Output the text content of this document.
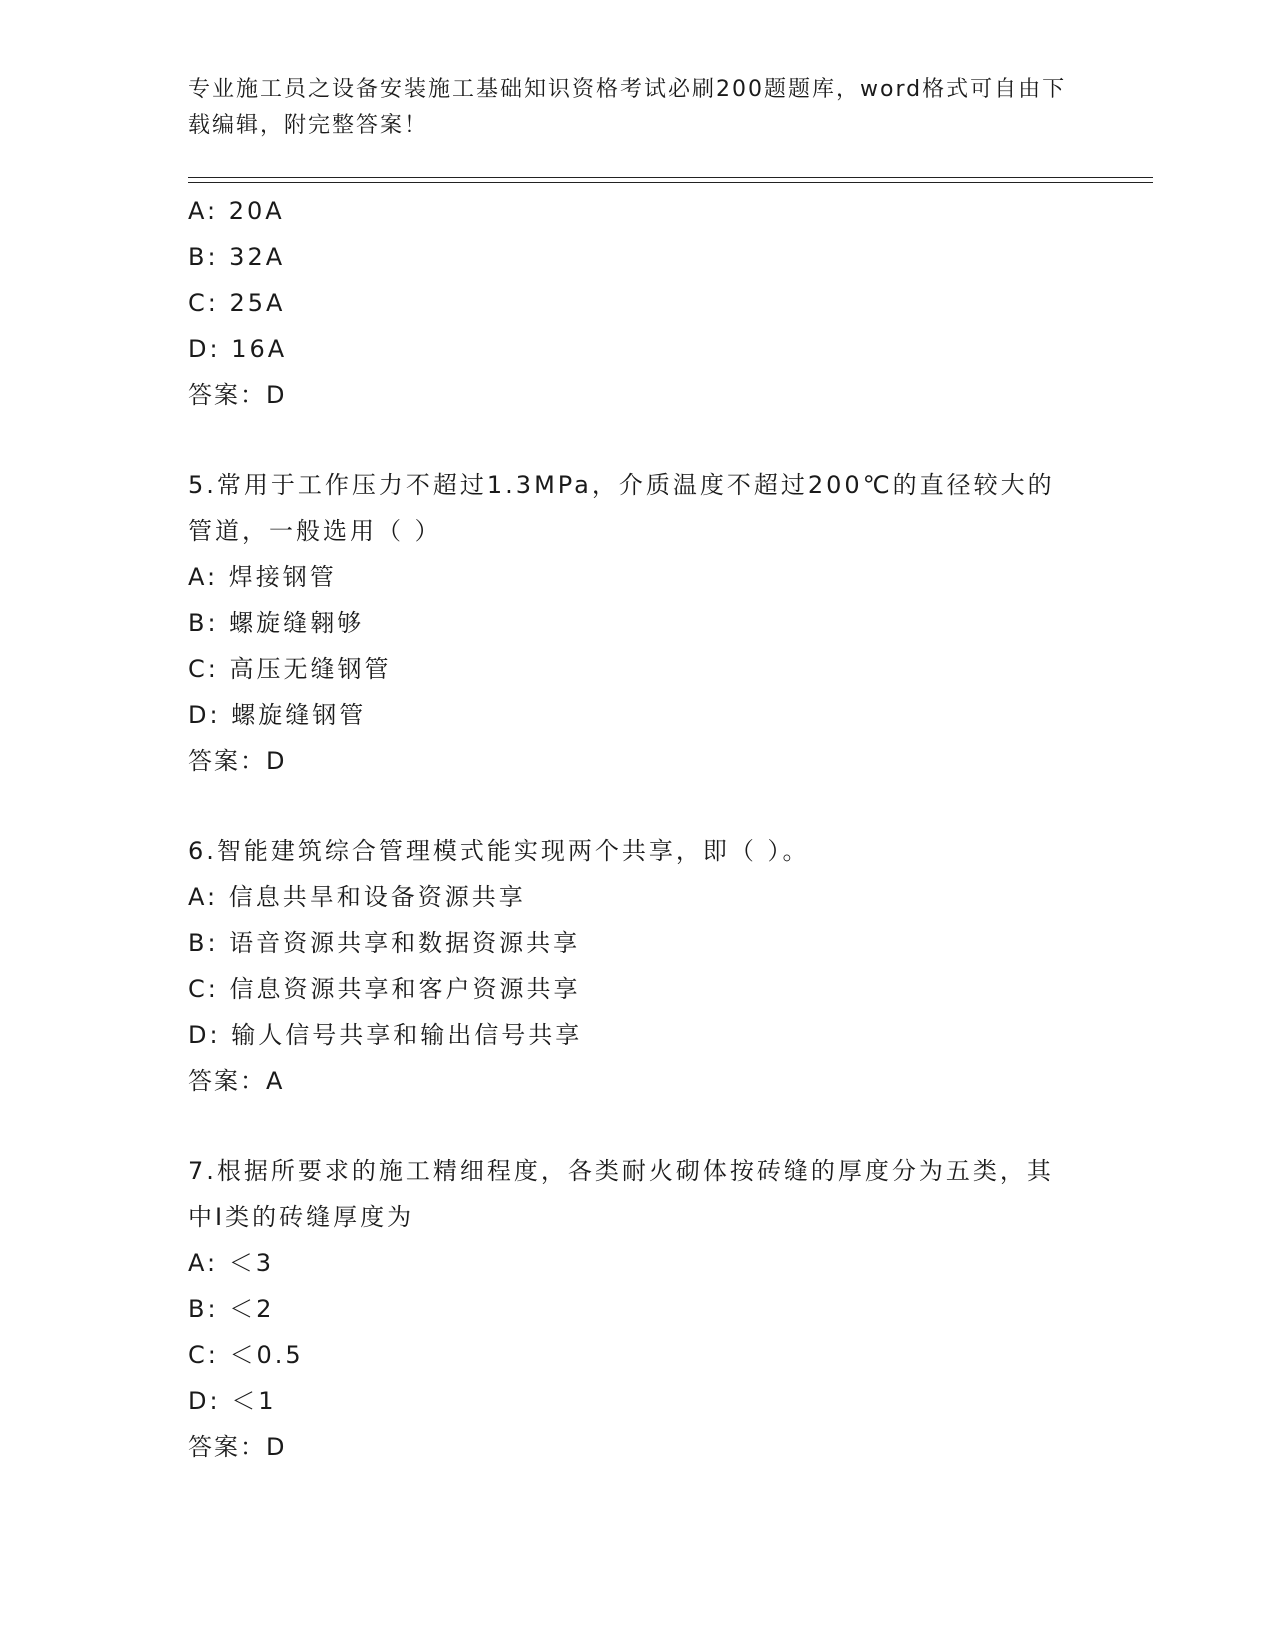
专业施工员之设备安装施工基础知识资格考试必刷200题题库，word格式可自由下载编辑，附完整答案！
A: 20A
B: 32A
C: 25A
D: 16A
答案：D
5.常用于工作压力不超过1.3MPa，介质温度不超过200℃的直径较大的管道，一般选用（ ）
A: 焊接钢管
B: 螺旋缝翱够
C: 高压无缝钢管
D: 螺旋缝钢管
答案：D
6.智能建筑综合管理模式能实现两个共享，即（ ）。
A: 信息共旱和设备资源共享
B: 语音资源共享和数据资源共享
C: 信息资源共享和客户资源共享
D: 输人信号共享和输出信号共享
答案：A
7.根据所要求的施工精细程度，各类耐火砌体按砖缝的厚度分为五类，其中I类的砖缝厚度为
A: ＜3
B: ＜2
C: ＜0.5
D: ＜1
答案：D
